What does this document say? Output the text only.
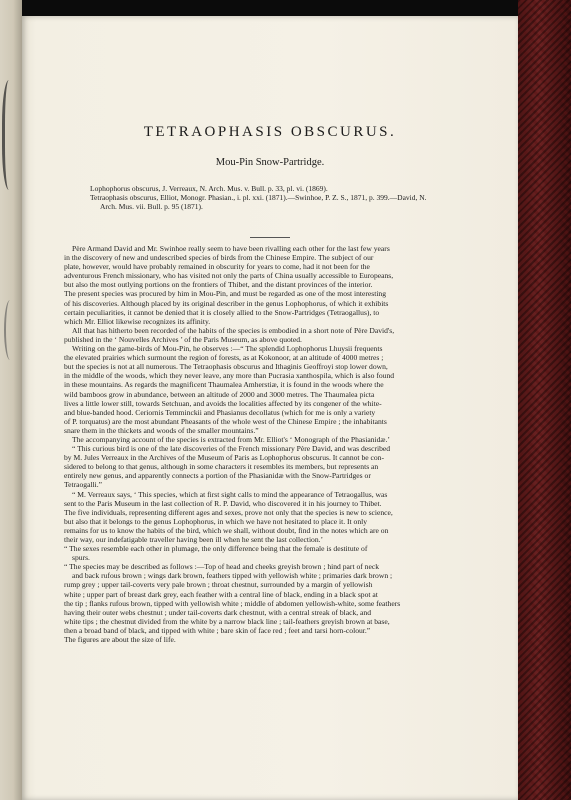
TETRAOPHASIS OBSCURUS.
Mou-Pin Snow-Partridge.
Lophophorus obscurus, J. Verreaux, N. Arch. Mus. v. Bull. p. 33, pl. vi. (1869).
Tetraophasis obscurus, Elliot, Monogr. Phasian., i. pl. xxi. (1871).—Swinhoe, P. Z. S., 1871, p. 399.—David, N.
Arch. Mus. vii. Bull. p. 95 (1871).
Père Armand David and Mr. Swinhoe really seem to have been rivalling each other for the last few years
in the discovery of new and undescribed species of birds from the Chinese Empire. The subject of our
plate, however, would have probably remained in obscurity for years to come, had it not been for the
adventurous French missionary, who has visited not only the parts of China usually accessible to Europeans,
but also the most outlying portions on the frontiers of Thibet, and the distant provinces of the interior.
The present species was procured by him in Mou-Pin, and must be regarded as one of the most interesting
of his discoveries. Although placed by its original describer in the genus Lophophorus, of which it exhibits
certain peculiarities, it cannot be denied that it is closely allied to the Snow-Partridges (Tetraogallus), to
which Mr. Elliot likewise recognizes its affinity.
All that has hitherto been recorded of the habits of the species is embodied in a short note of Père David's,
published in the ‘ Nouvelles Archives ’ of the Paris Museum, as above quoted.
Writing on the game-birds of Mou-Pin, he observes :—“ The splendid Lophophorus Lhuysii frequents
the elevated prairies which surmount the region of forests, as at Kokonoor, at an altitude of 4000 metres ;
but the species is not at all numerous. The Tetraophasis obscurus and Ithaginis Geoffroyi stop lower down,
in the middle of the woods, which they never leave, any more than Pucrasia xanthospila, which is also found
in these mountains. As regards the magnificent Thaumalea Amherstiæ, it is found in the woods where the
wild bamboos grow in abundance, between an altitude of 2000 and 3000 metres. The Thaumalea picta
lives a little lower still, towards Setchuan, and avoids the localities affected by its congener of the white-
and blue-banded hood. Ceriornis Temminckii and Phasianus decollatus (which for me is only a variety
of P. torquatus) are the most abundant Pheasants of the whole west of the Chinese Empire ; the inhabitants
snare them in the thickets and woods of the smaller mountains.”
The accompanying account of the species is extracted from Mr. Elliot's ‘ Monograph of the Phasianidæ.’
“ This curious bird is one of the late discoveries of the French missionary Père David, and was described
by M. Jules Verreaux in the Archives of the Museum of Paris as Lophophorus obscurus. It cannot be con-
sidered to belong to that genus, although in some characters it resembles its members, but represents an
entirely new genus, and apparently connects a portion of the Phasianidæ with the Snow-Partridges or
Tetraogalli.”
“ M. Verreaux says, ‘ This species, which at first sight calls to mind the appearance of Tetraogallus, was
sent to the Paris Museum in the last collection of R. P. David, who discovered it in his journey to Thibet.
The five individuals, representing different ages and sexes, prove not only that the species is new to science,
but also that it belongs to the genus Lophophorus, in which we have not hesitated to place it. It only
remains for us to know the habits of the bird, which we shall, without doubt, find in the notes which are on
their way, our indefatigable traveller having been ill when he sent the last collection.’
“ The sexes resemble each other in plumage, the only difference being that the female is destitute of
spurs.
“ The species may be described as follows :—Top of head and cheeks greyish brown ; hind part of neck
and back rufous brown ; wings dark brown, feathers tipped with yellowish white ; primaries dark brown ;
rump grey ; upper tail-coverts very pale brown ; throat chestnut, surrounded by a margin of yellowish
white ; upper part of breast dark grey, each feather with a central line of black, ending in a black spot at
the tip ; flanks rufous brown, tipped with yellowish white ; middle of abdomen yellowish-white, some feathers
having their outer webs chestnut ; under tail-coverts dark chestnut, with a central streak of black, and
white tips ; the chestnut divided from the white by a narrow black line ; tail-feathers greyish brown at base,
then a broad band of black, and tipped with white ; bare skin of face red ; feet and tarsi horn-colour.”
The figures are about the size of life.
